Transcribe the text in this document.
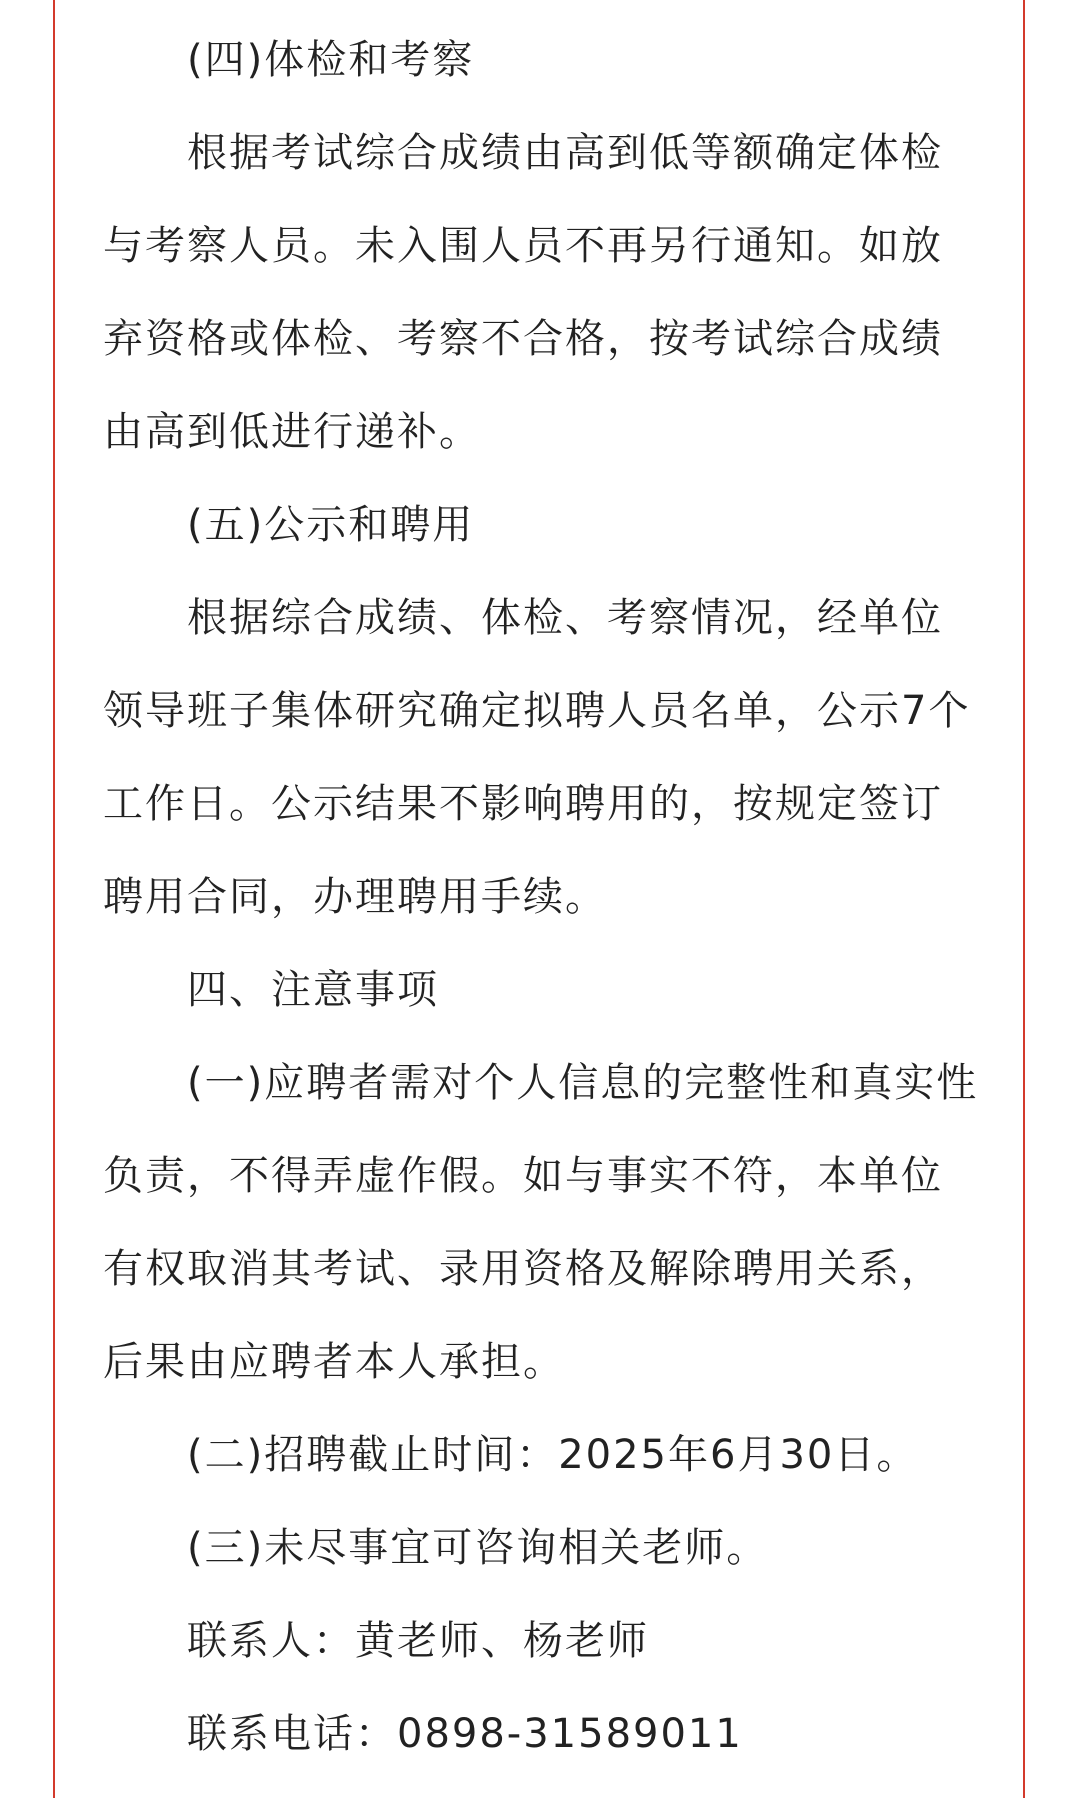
(四)体检和考察
根据考试综合成绩由高到低等额确定体检
与考察人员。未入围人员不再另行通知。如放
弃资格或体检、考察不合格，按考试综合成绩
由高到低进行递补。
(五)公示和聘用
根据综合成绩、体检、考察情况，经单位
领导班子集体研究确定拟聘人员名单，公示7个
工作日。公示结果不影响聘用的，按规定签订
聘用合同，办理聘用手续。
四、注意事项
(一)应聘者需对个人信息的完整性和真实性
负责，不得弄虚作假。如与事实不符，本单位
有权取消其考试、录用资格及解除聘用关系，
后果由应聘者本人承担。
(二)招聘截止时间：2025年6月30日。
(三)未尽事宜可咨询相关老师。
联系人：黄老师、杨老师
联系电话：0898-31589011
